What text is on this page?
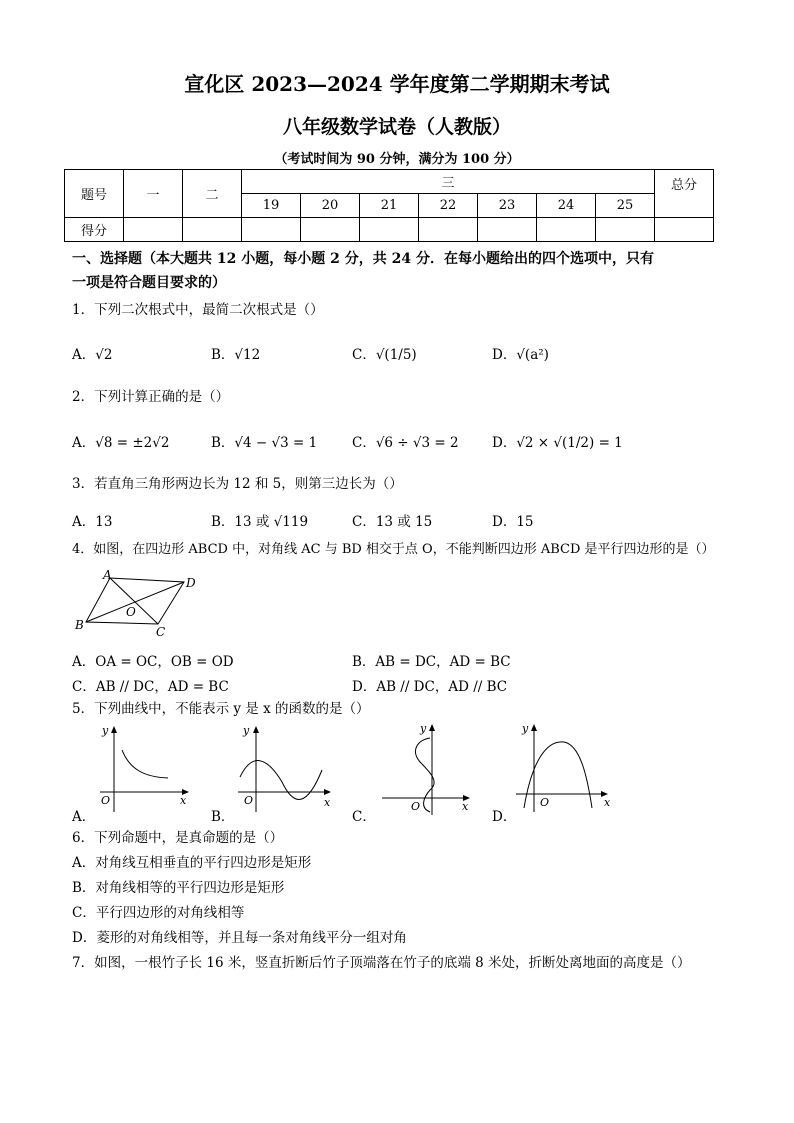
宣化区 2023—2024 学年度第二学期期末考试
八年级数学试卷（人教版）
（考试时间为 90 分钟，满分为 100 分）
题号	一	二	三							总分
			19	20	21	22	23	24	25	
得分										
一、选择题（本大题共 12 小题，每小题 2 分，共 24 分．在每小题给出的四个选项中，只有
一项是符合题目要求的）
1．下列二次根式中，最简二次根式是（）
A．√2	B．√12	C．√(1/5)	D．√(a²)
2．下列计算正确的是（）
A．√8 = ±2√2	B．√4 − √3 = 1	C．√6 ÷ √3 = 2 D．√2 × √(1/2) = 1
3．若直角三角形两边长为 12 和 5，则第三边长为（）
A．13	B．13 或 √119	C．13 或 15	D．15
4．如图，在四边形 ABCD 中，对角线 AC 与 BD 相交于点 O，不能判断四边形 ABCD 是平行四边形的是（）
A
D
O
B	C
A．OA = OC，OB = OD	B．AB = DC，AD = BC
C．AB // DC，AD = BC	D．AB // DC，AD // BC
5．下列曲线中，不能表示 y 是 x 的函数的是（）
y
x
O
A．
y
x
O
B．
y
x
O
C．
y
x
O
D．
6．下列命题中，是真命题的是（）
A．对角线互相垂直的平行四边形是矩形
B．对角线相等的平行四边形是矩形
C．平行四边形的对角线相等
D．菱形的对角线相等，并且每一条对角线平分一组对角
7．如图，一根竹子长 16 米，竖直折断后竹子顶端落在竹子的底端 8 米处，折断处离地面的高度是（）
